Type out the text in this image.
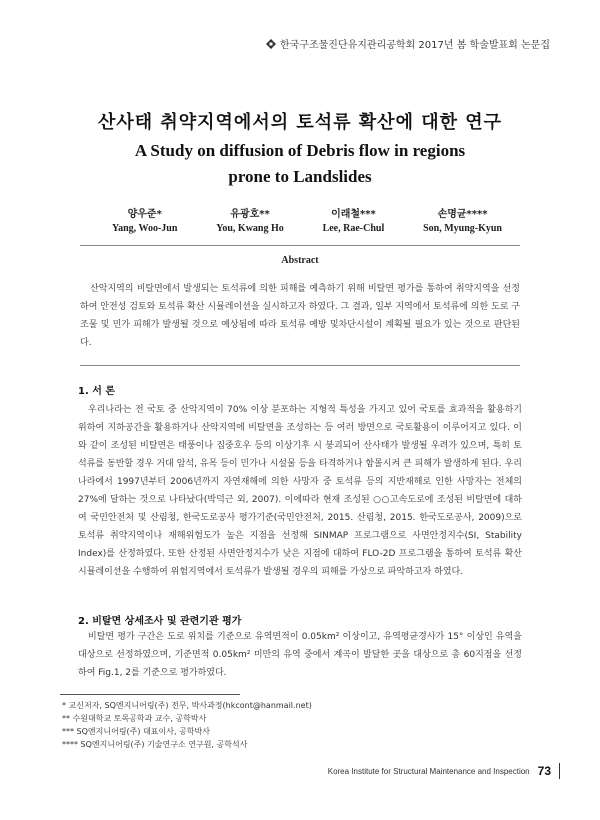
한국구조물진단유지관리공학회 2017년 봄 학술발표회 논문집
산사태 취약지역에서의 토석류 확산에 대한 연구
A Study on diffusion of Debris flow in regions
prone to Landslides
양우준*
Yang, Woo-Jun
유광호**
You, Kwang Ho
이래철***
Lee, Rae-Chul
손명균****
Son, Myung-Kyun
Abstract
산악지역의 비탈면에서 발생되는 토석류에 의한 피해를 예측하기 위해 비탈면 평가를 통하여 취약지역을 선정하여 안전성 검토와 토석류 확산 시뮬레이션을 실시하고자 하였다. 그 결과, 일부 지역에서 토석류에 의한 도로 구조물 및 민가 피해가 발생될 것으로 예상됨에 따라 토석류 예방 및차단시설이 계획될 필요가 있는 것으로 판단된다.
1. 서 론
우리나라는 전 국토 중 산악지역이 70% 이상 분포하는 지형적 특성을 가지고 있어 국토를 효과적을 활용하기 위하여 지하공간을 활용하거나 산악지역에 비탈면을 조성하는 등 여러 방면으로 국토활용이 이루어지고 있다. 이와 같이 조성된 비탈면은 태풍이나 집중호우 등의 이상기후 시 붕괴되어 산사태가 발생될 우려가 있으며, 특히 토석류를 동반할 경우 거대 암석, 유목 등이 민가나 시설물 등을 타격하거나 함몰시켜 큰 피해가 발생하게 된다. 우리나라에서 1997년부터 2006년까지 자연재해에 의한 사망자 중 토석류 등의 지반재해로 인한 사망자는 전체의 27%에 달하는 것으로 나타났다(박덕근 외, 2007). 이에따라 현재 조성된 ○○고속도로에 조성된 비탈면에 대하여 국민안전처 및 산림청, 한국도로공사 평가기준(국민안전처, 2015. 산림청, 2015. 한국도로공사, 2009)으로 토석류 취약지역이나 재해위험도가 높은 지점을 선정해 SINMAP 프로그램으로 사면안정지수(SI, Stability Index)를 산정하였다. 또한 산정된 사면안정지수가 낮은 지점에 대하여 FLO-2D 프로그램을 통하여 토석류 확산 시뮬레이션을 수행하여 위험지역에서 토석류가 발생될 경우의 피해를 가상으로 파악하고자 하였다.
2. 비탈면 상세조사 및 관련기관 평가
비탈면 평가 구간은 도로 위치를 기준으로 유역면적이 0.05km² 이상이고, 유역평균경사가 15° 이상인 유역을 대상으로 선정하였으며, 기준면적 0.05km² 미만의 유역 중에서 계곡이 발달한 곳을 대상으로 총 60지점을 선정하여 Fig.1, 2를 기준으로 평가하였다.
* 교신저자, SQ엔지니어링(주) 전무, 박사과정(hkcont@hanmail.net)
** 수원대학교 토목공학과 교수, 공학박사
*** SQ엔지니어링(주) 대표이사, 공학박사
**** SQ엔지니어링(주) 기술연구소 연구원, 공학석사
Korea Institute for Structural Maintenance and Inspection 73
